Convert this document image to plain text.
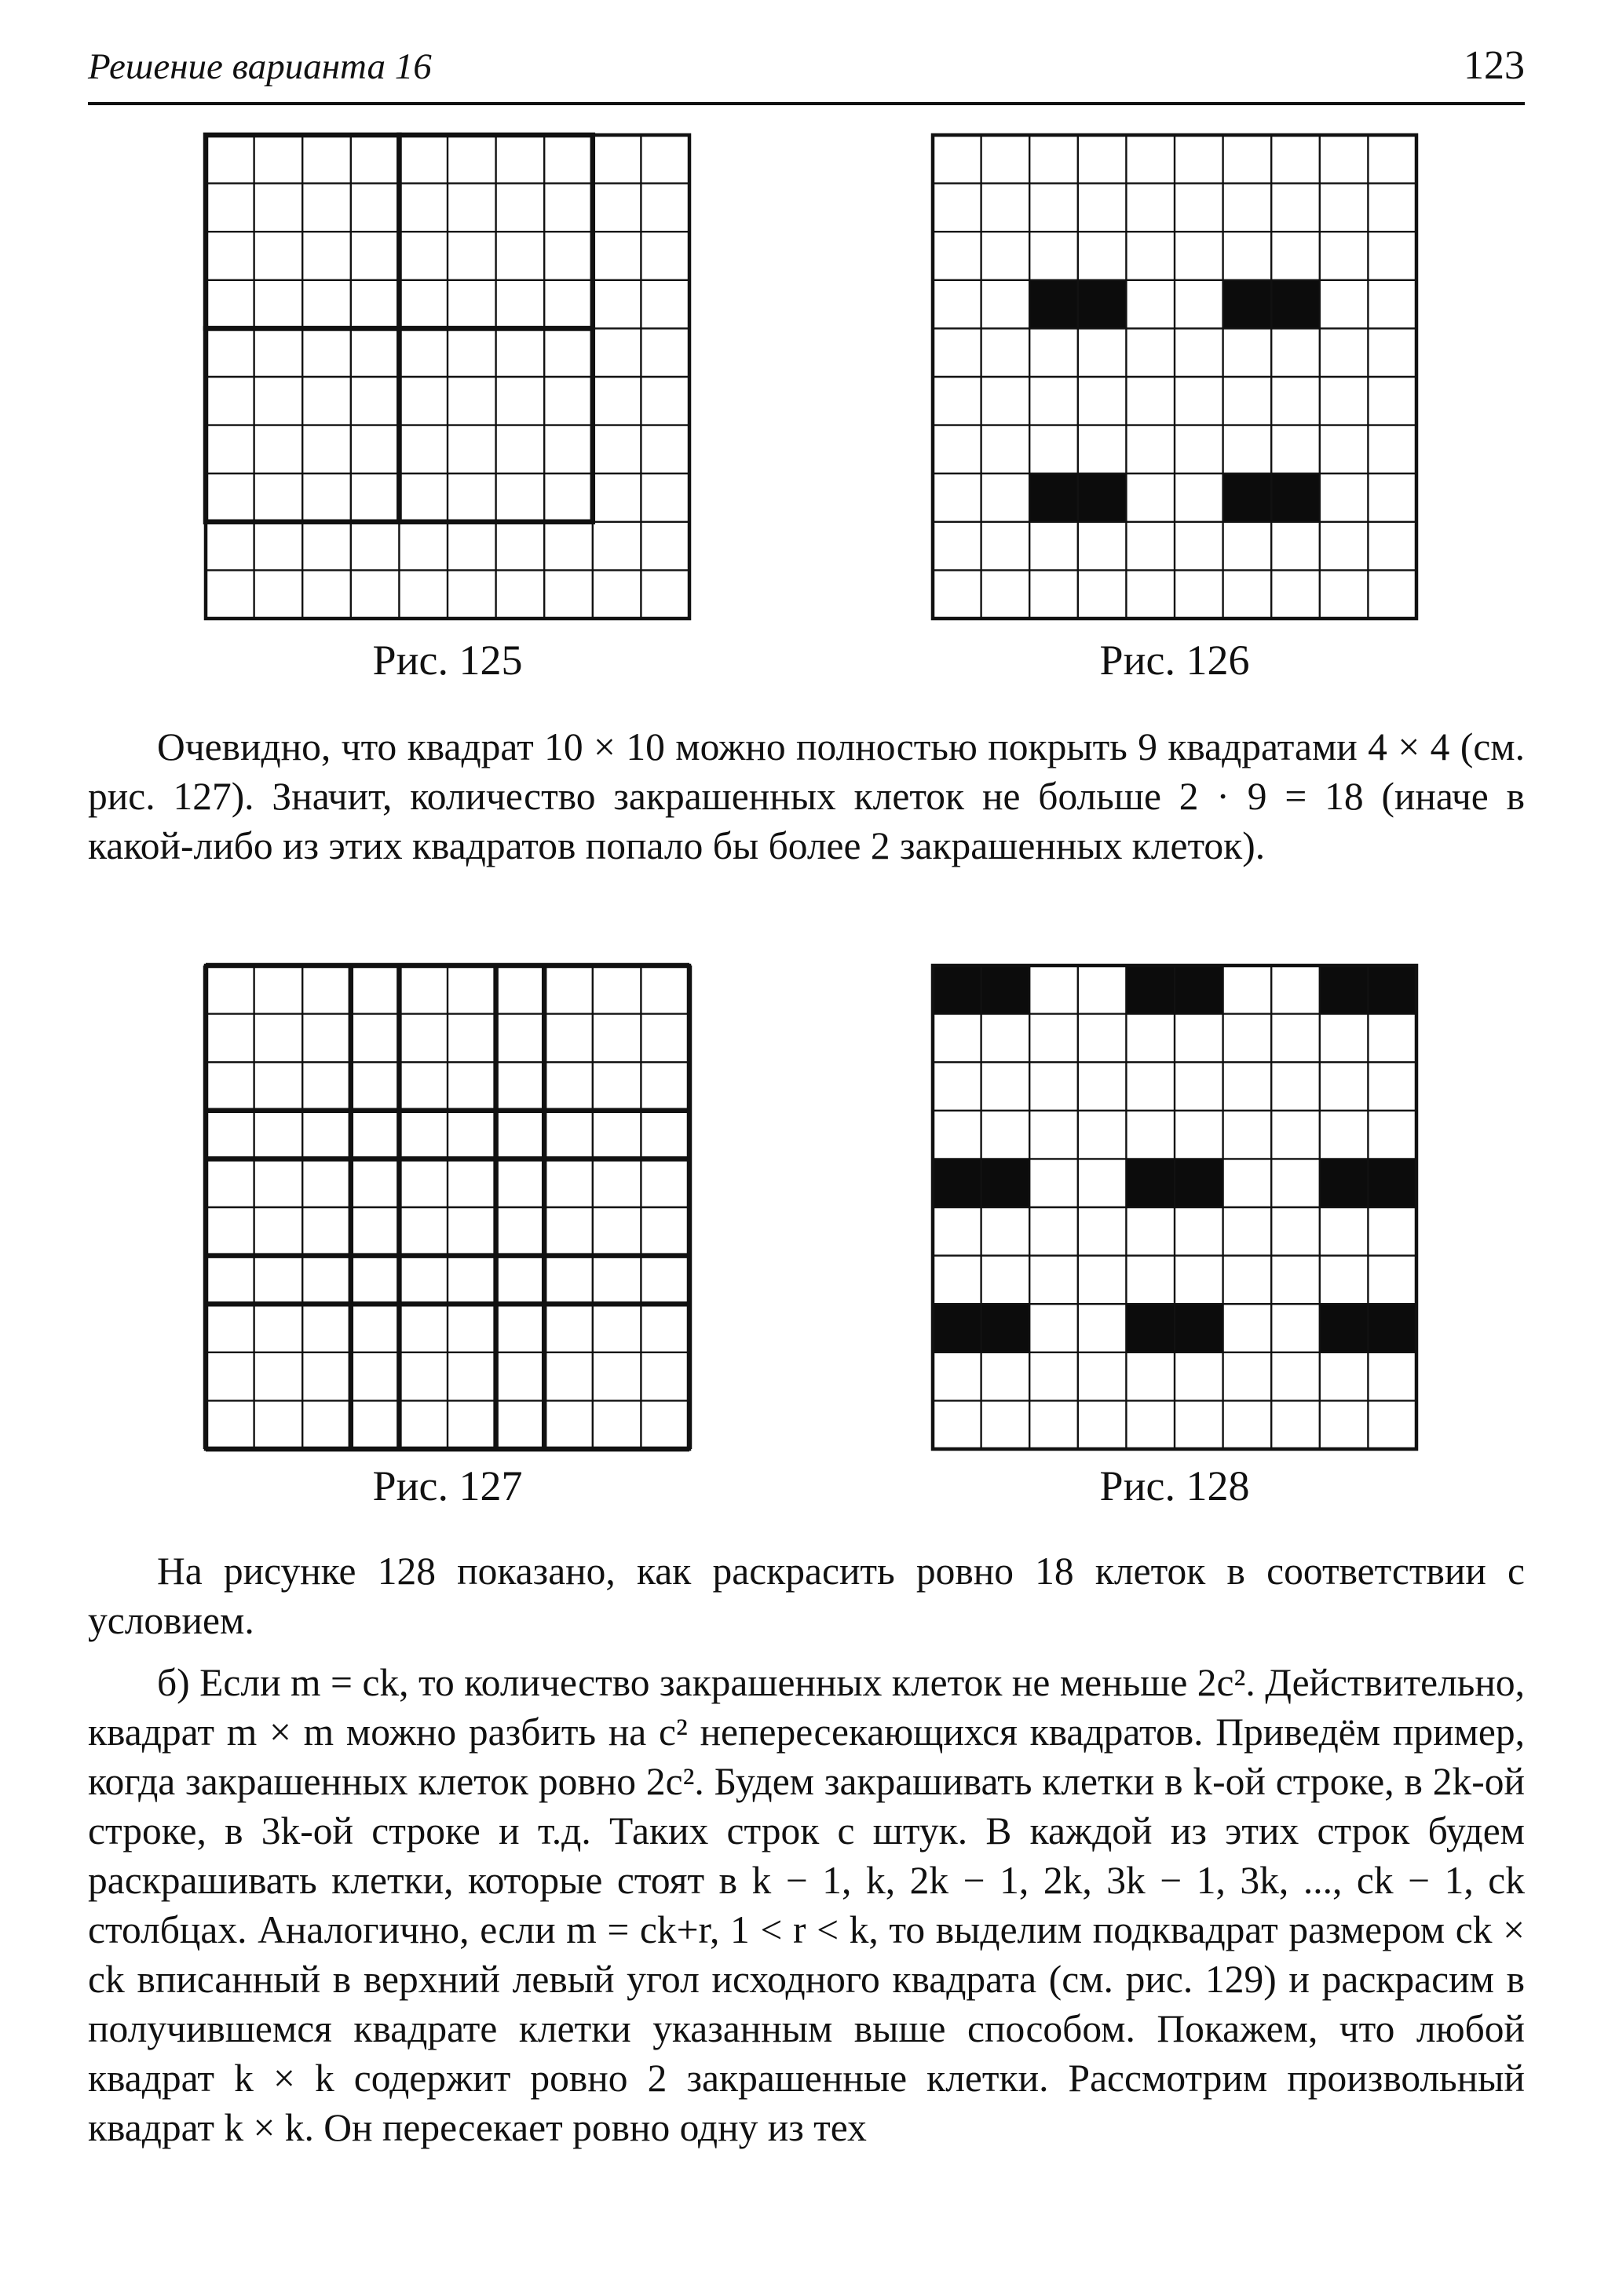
Решение варианта 16	123
Рис. 125	Рис. 126
Очевидно, что квадрат 10 × 10 можно полностью покрыть 9 квадратами 4 × 4 (см. рис. 127). Значит, количество закрашенных клеток не больше 2 · 9 = 18 (иначе в какой-либо из этих квадратов попало бы более 2 закрашенных клеток).
Рис. 127	Рис. 128
На рисунке 128 показано, как раскрасить ровно 18 клеток в соответствии с условием.
б) Если m = ck, то количество закрашенных клеток не меньше 2c². Действительно, квадрат m × m можно разбить на c² непересекающихся квадратов. Приведём пример, когда закрашенных клеток ровно 2c². Будем закрашивать клетки в k-ой строке, в 2k-ой строке, в 3k-ой строке и т.д. Таких строк c штук. В каждой из этих строк будем раскрашивать клетки, которые стоят в k − 1, k, 2k − 1, 2k, 3k − 1, 3k, ..., ck − 1, ck столбцах. Аналогично, если m = ck+r, 1 < r < k, то выделим подквадрат размером ck × ck вписанный в верхний левый угол исходного квадрата (см. рис. 129) и раскрасим в получившемся квадрате клетки указанным выше способом. Покажем, что любой квадрат k × k содержит ровно 2 закрашенные клетки. Рассмотрим произвольный квадрат k × k. Он пересекает ровно одну из тех
